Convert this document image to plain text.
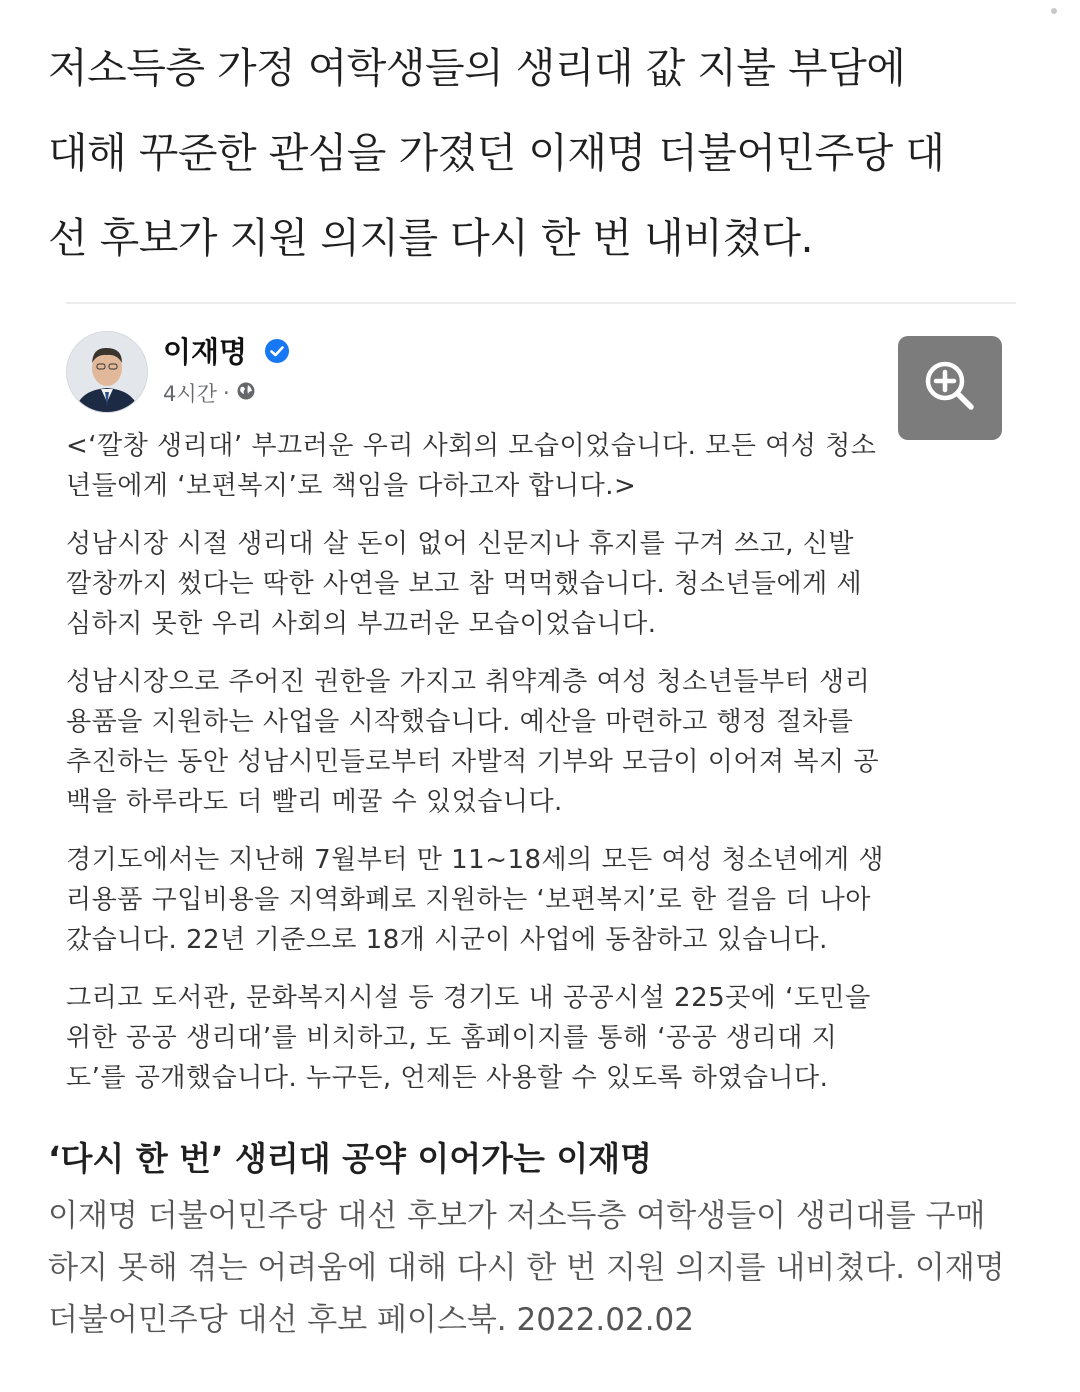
저소득층 가정 여학생들의 생리대 값 지불 부담에
대해 꾸준한 관심을 가졌던 이재명 더불어민주당 대
선 후보가 지원 의지를 다시 한 번 내비쳤다.
이재명
4시간 ·
<‘깔창 생리대’ 부끄러운 우리 사회의 모습이었습니다. 모든 여성 청소
년들에게 ‘보편복지’로 책임을 다하고자 합니다.>
성남시장 시절 생리대 살 돈이 없어 신문지나 휴지를 구겨 쓰고, 신발
깔창까지 썼다는 딱한 사연을 보고 참 먹먹했습니다. 청소년들에게 세
심하지 못한 우리 사회의 부끄러운 모습이었습니다.
성남시장으로 주어진 권한을 가지고 취약계층 여성 청소년들부터 생리
용품을 지원하는 사업을 시작했습니다. 예산을 마련하고 행정 절차를
추진하는 동안 성남시민들로부터 자발적 기부와 모금이 이어져 복지 공
백을 하루라도 더 빨리 메꿀 수 있었습니다.
경기도에서는 지난해 7월부터 만 11~18세의 모든 여성 청소년에게 생
리용품 구입비용을 지역화폐로 지원하는 ‘보편복지’로 한 걸음 더 나아
갔습니다. 22년 기준으로 18개 시군이 사업에 동참하고 있습니다.
그리고 도서관, 문화복지시설 등 경기도 내 공공시설 225곳에 ‘도민을
위한 공공 생리대’를 비치하고, 도 홈페이지를 통해 ‘공공 생리대 지
도’를 공개했습니다. 누구든, 언제든 사용할 수 있도록 하였습니다.
‘다시 한 번’ 생리대 공약 이어가는 이재명
이재명 더불어민주당 대선 후보가 저소득층 여학생들이 생리대를 구매
하지 못해 겪는 어려움에 대해 다시 한 번 지원 의지를 내비쳤다. 이재명
더불어민주당 대선 후보 페이스북. 2022.02.02
